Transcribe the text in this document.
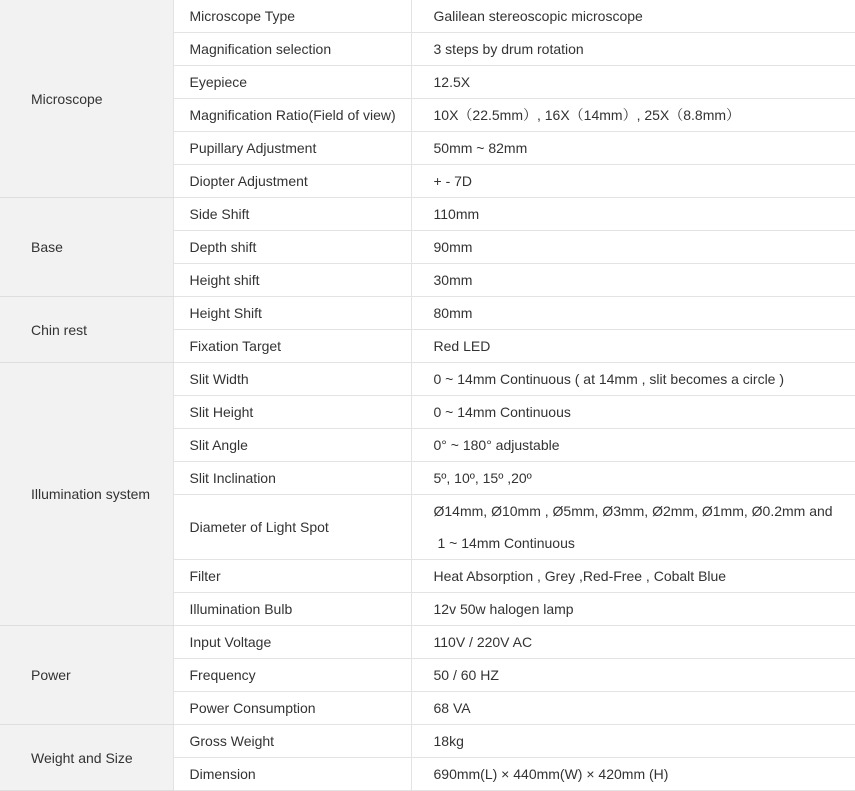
Microscope	Microscope Type	Galilean stereoscopic microscope
	Magnification selection	3 steps by drum rotation
	Eyepiece	12.5X
	Magnification Ratio(Field of view)	10X（22.5mm）, 16X（14mm）, 25X（8.8mm）
	Pupillary Adjustment	50mm ~ 82mm
	Diopter Adjustment	+ - 7D
Base	Side Shift	110mm
	Depth shift	90mm
	Height shift	30mm
Chin rest	Height Shift	80mm
	Fixation Target	Red LED
Illumination system	Slit Width	0 ~ 14mm Continuous ( at 14mm , slit becomes a circle )
	Slit Height	0 ~ 14mm Continuous
	Slit Angle	0° ~ 180° adjustable
	Slit Inclination	5º, 10º, 15º ,20º
	Diameter of Light Spot	Ø14mm, Ø10mm , Ø5mm, Ø3mm, Ø2mm, Ø1mm, Ø0.2mm and
1 ~ 14mm Continuous

	Filter	Heat Absorption , Grey ,Red-Free , Cobalt Blue
	Illumination Bulb	12v 50w halogen lamp
Power	Input Voltage	110V / 220V AC
	Frequency	50 / 60 HZ
	Power Consumption	68 VA
Weight and Size	Gross Weight	18kg
	Dimension	690mm(L) × 440mm(W) × 420mm (H)
